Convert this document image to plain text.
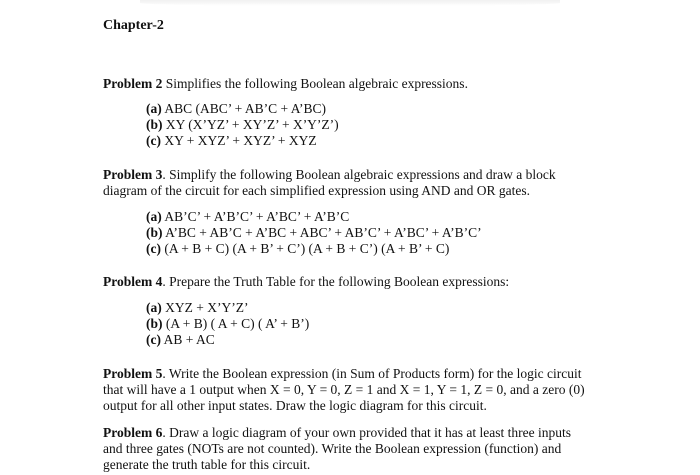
Chapter-2
Problem 2 Simplifies the following Boolean algebraic expressions.
(a) ABC (ABC’ + AB’C + A’BC)
(b) XY (X’YZ’ + XY’Z’ + X’Y’Z’)
(c) XY + XYZ’ + XYZ’ + XYZ
Problem 3. Simplify the following Boolean algebraic expressions and draw a block
diagram of the circuit for each simplified expression using AND and OR gates.
(a) AB’C’ + A’B’C’ + A’BC’ + A’B’C
(b) A’BC + AB’C + A’BC + ABC’ + AB’C’ + A’BC’ + A’B’C’
(c) (A + B + C) (A + B’ + C’) (A + B + C’) (A + B’ + C)
Problem 4. Prepare the Truth Table for the following Boolean expressions:
(a) XYZ + X’Y’Z’
(b) (A + B) ( A + C) ( A’ + B’)
(c) AB + AC
Problem 5. Write the Boolean expression (in Sum of Products form) for the logic circuit
that will have a 1 output when X = 0, Y = 0, Z = 1 and X = 1, Y = 1, Z = 0, and a zero (0)
output for all other input states. Draw the logic diagram for this circuit.
Problem 6. Draw a logic diagram of your own provided that it has at least three inputs
and three gates (NOTs are not counted). Write the Boolean expression (function) and
generate the truth table for this circuit.
